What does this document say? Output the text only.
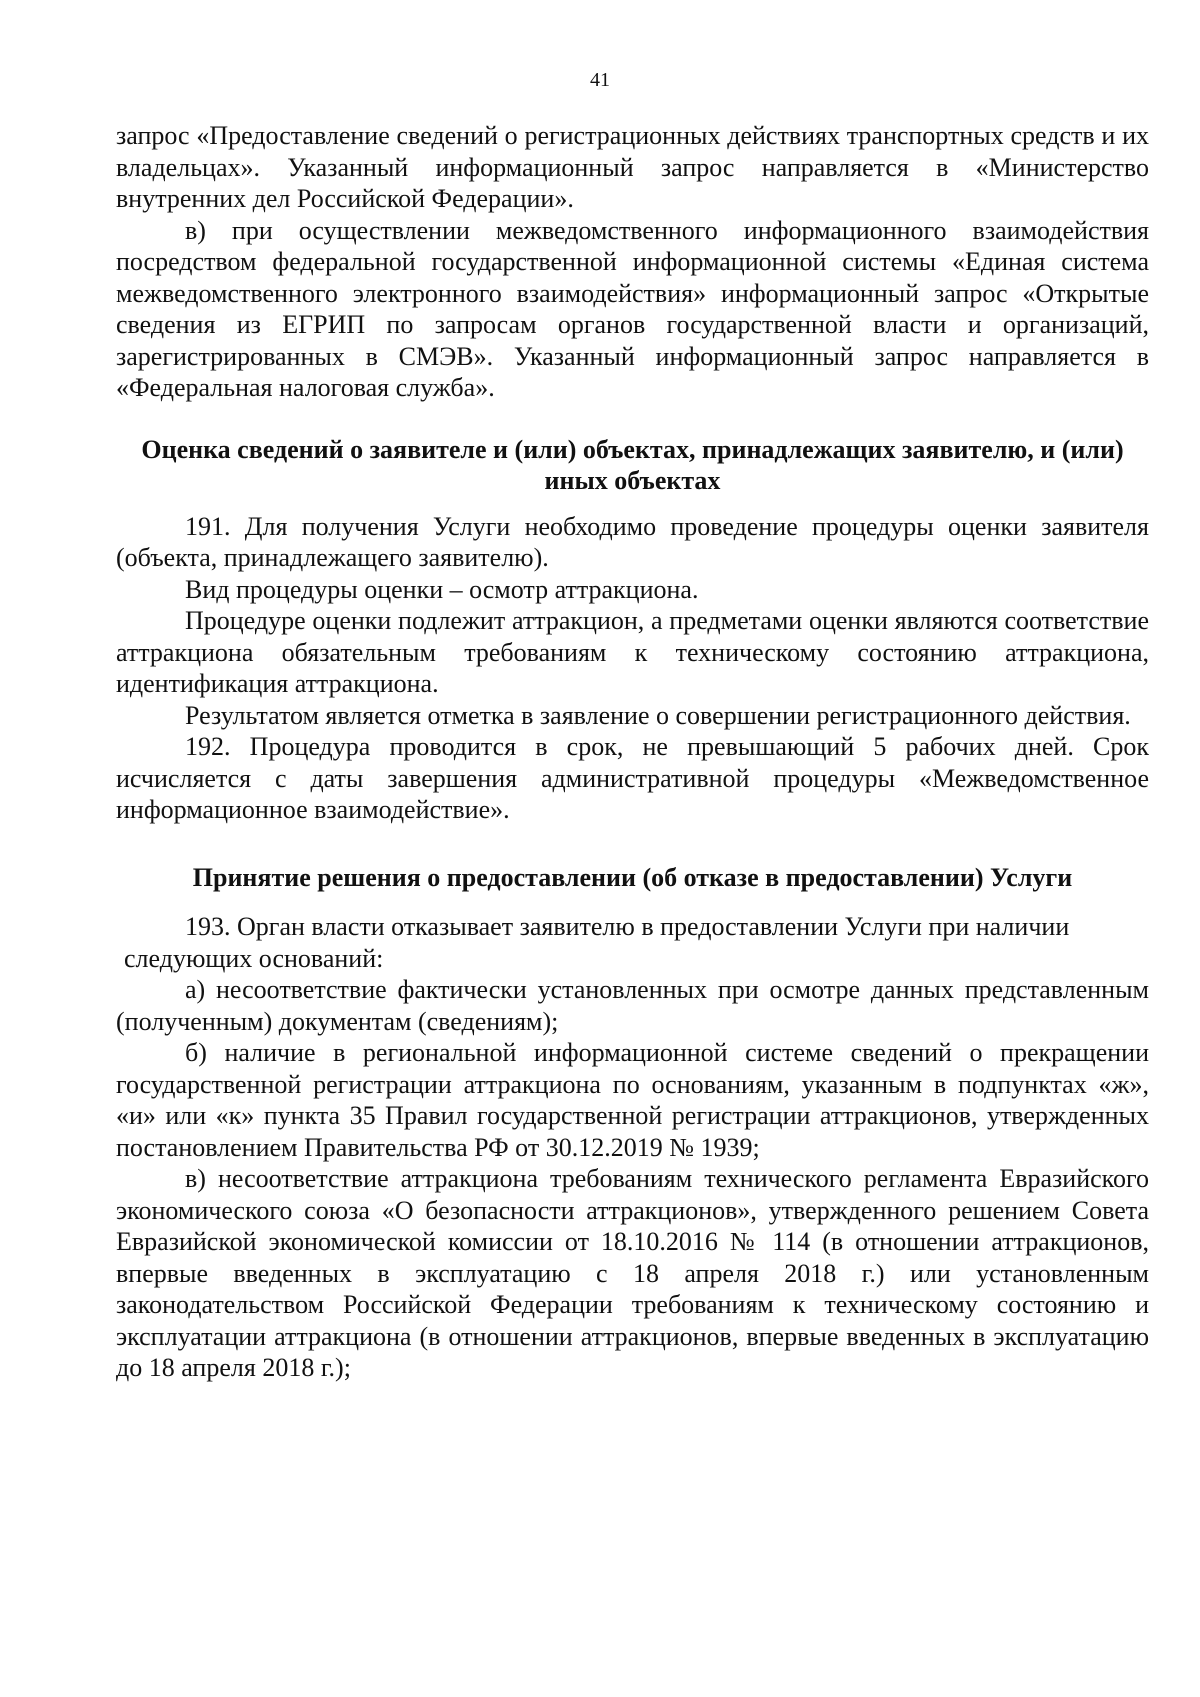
41

запрос «Предоставление сведений о регистрационных действиях транспортных средств и их владельцах». Указанный информационный запрос направляется в «Министерство внутренних дел Российской Федерации».

в) при осуществлении межведомственного информационного взаимодействия посредством федеральной государственной информационной системы «Единая система межведомственного электронного взаимодействия» информационный запрос «Открытые сведения из ЕГРИП по запросам органов государственной власти и организаций, зарегистрированных в СМЭВ». Указанный информационный запрос направляется в «Федеральная налоговая служба».

Оценка сведений о заявителе и (или) объектах, принадлежащих заявителю, и (или) иных объектах

191. Для получения Услуги необходимо проведение процедуры оценки заявителя (объекта, принадлежащего заявителю).

Вид процедуры оценки – осмотр аттракциона.

Процедуре оценки подлежит аттракцион, а предметами оценки являются соответствие аттракциона обязательным требованиям к техническому состоянию аттракциона, идентификация аттракциона.

Результатом является отметка в заявление о совершении регистрационного действия.

192. Процедура проводится в срок, не превышающий 5 рабочих дней. Срок исчисляется с даты завершения административной процедуры «Межведомственное информационное взаимодействие».

Принятие решения о предоставлении (об отказе в предоставлении) Услуги

193. Орган власти отказывает заявителю в предоставлении Услуги при наличии

следующих оснований:

а) несоответствие фактически установленных при осмотре данных представленным (полученным) документам (сведениям);

б) наличие в региональной информационной системе сведений о прекращении государственной регистрации аттракциона по основаниям, указанным в подпунктах «ж», «и» или «к» пункта 35 Правил государственной регистрации аттракционов, утвержденных постановлением Правительства РФ от 30.12.2019 № 1939;

в) несоответствие аттракциона требованиям технического регламента Евразийского экономического союза «О безопасности аттракционов», утвержденного решением Совета Евразийской экономической комиссии от 18.10.2016 № 114 (в отношении аттракционов, впервые введенных в эксплуатацию с 18 апреля 2018 г.) или установленным законодательством Российской Федерации требованиям к техническому состоянию и эксплуатации аттракциона (в отношении аттракционов, впервые введенных в эксплуатацию до 18 апреля 2018 г.);
